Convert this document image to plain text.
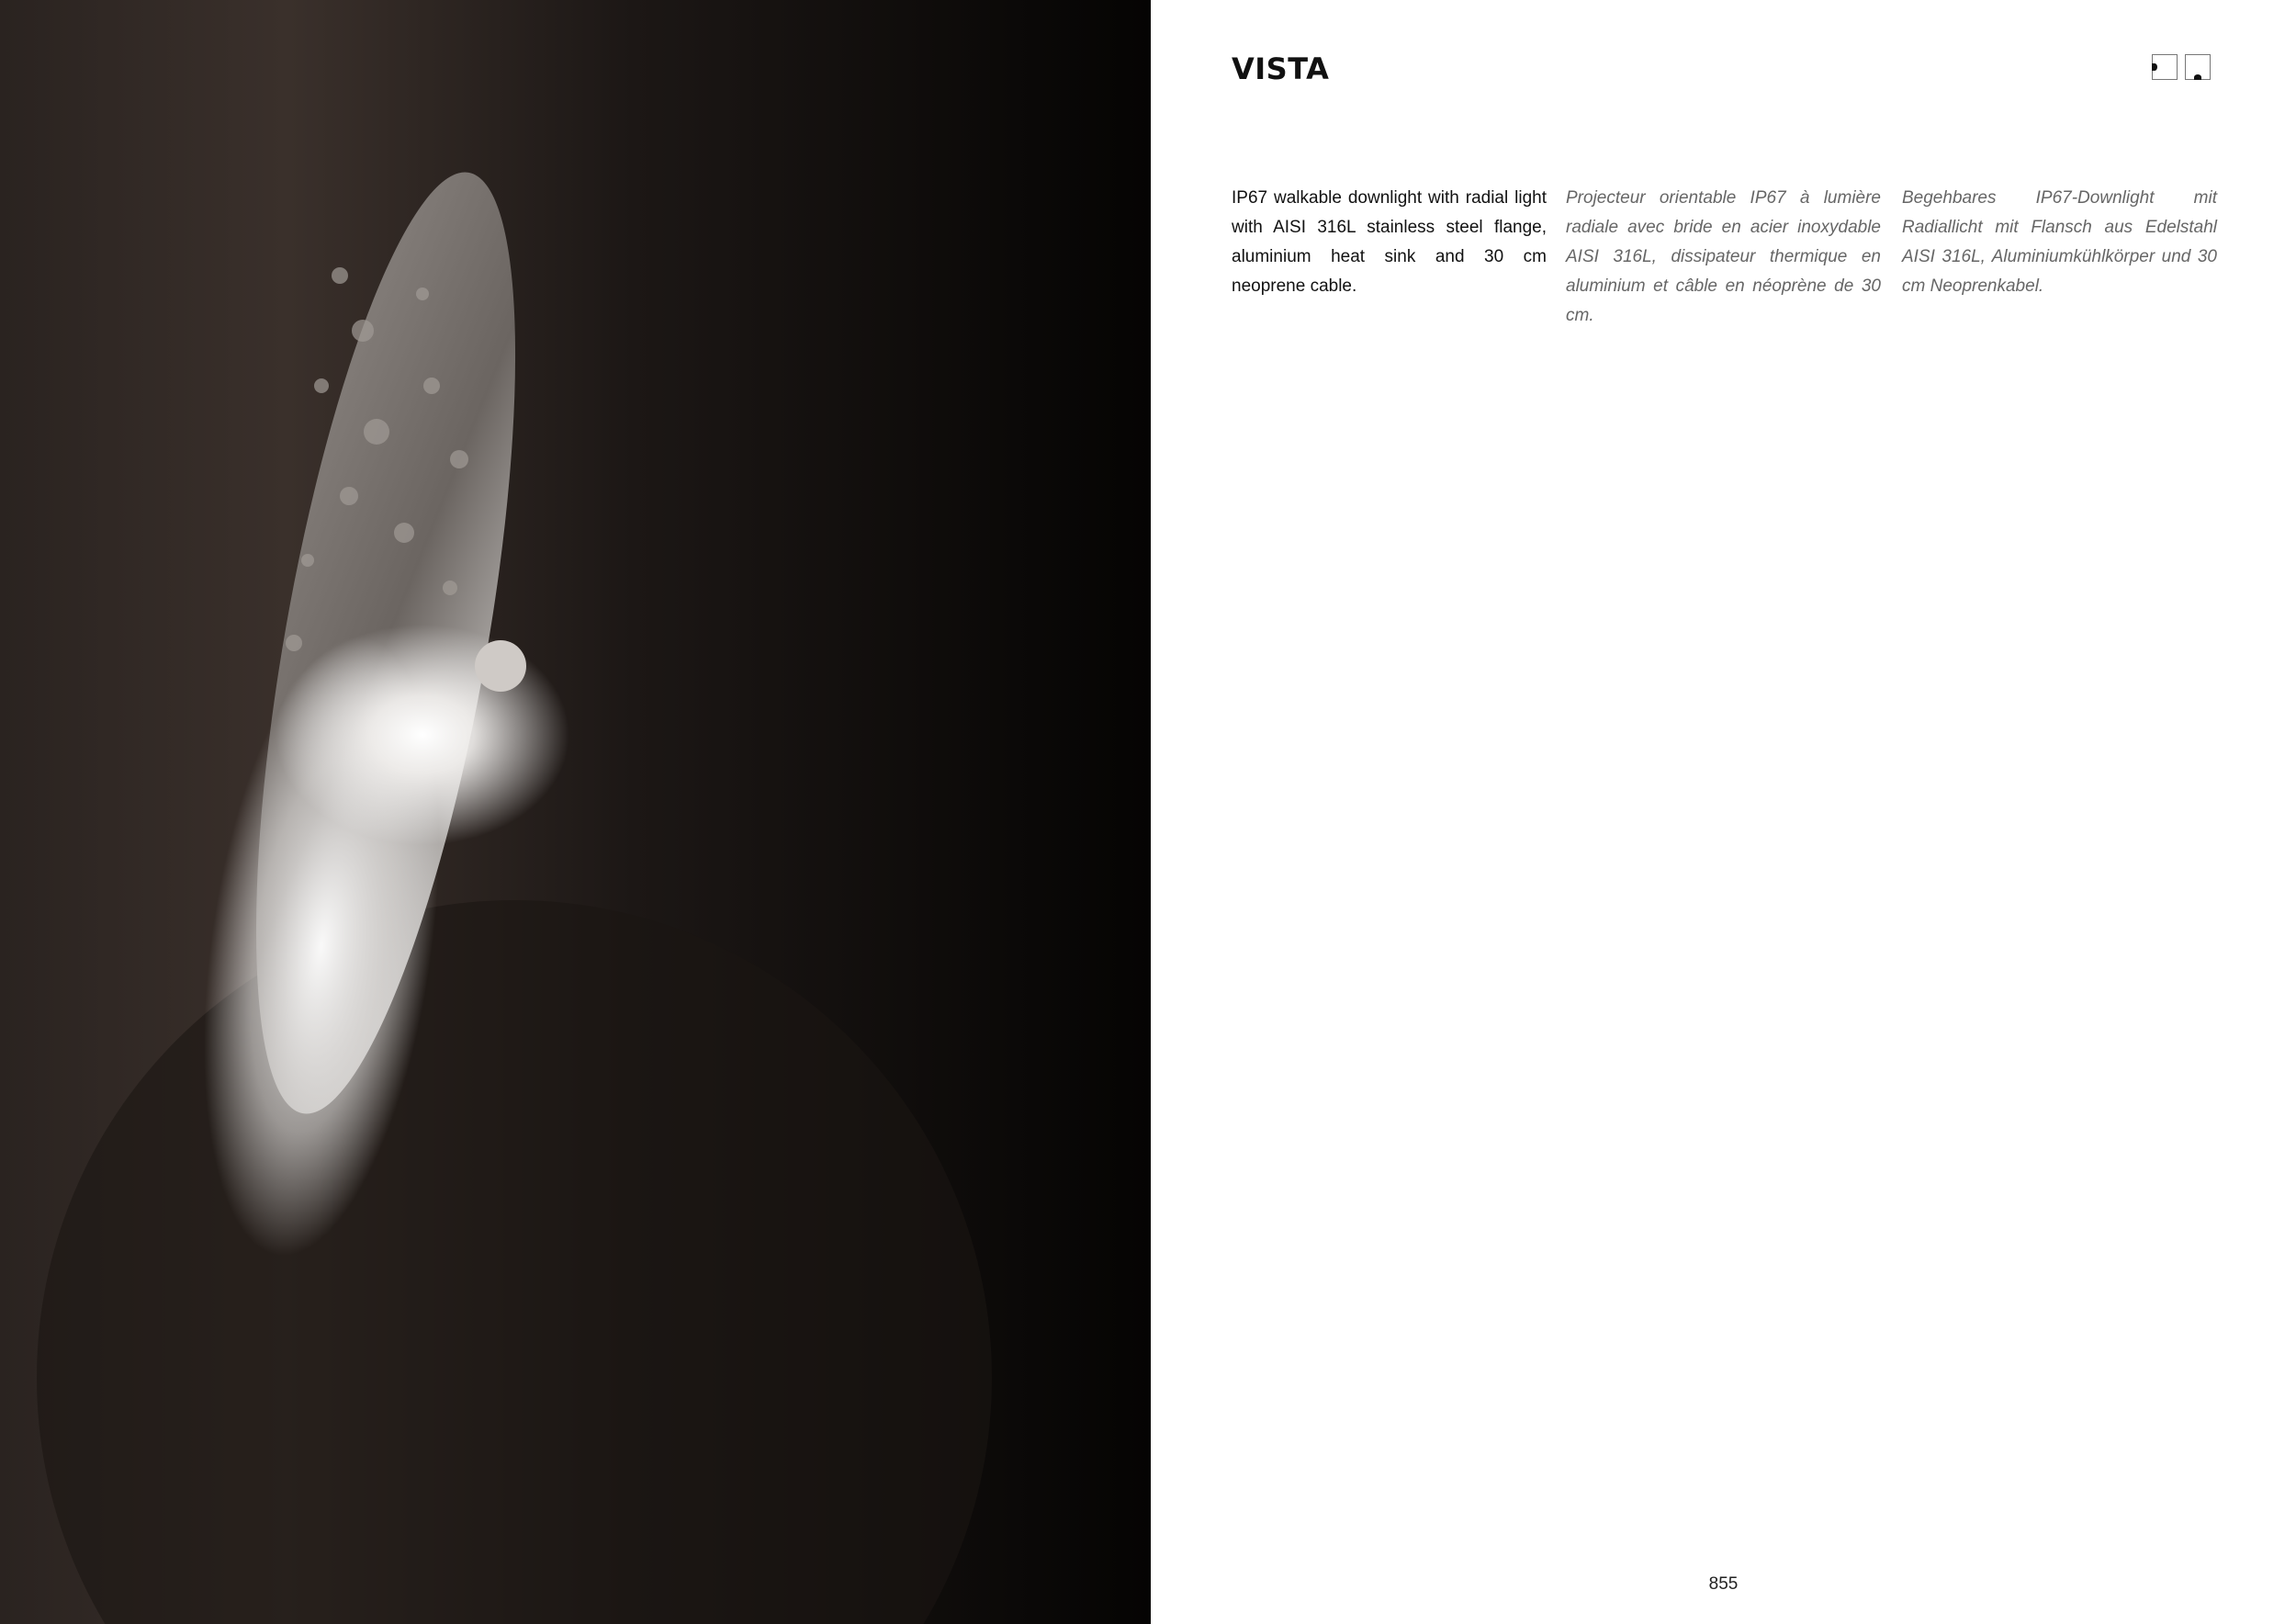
VISTA

IP67 walkable downlight with radial light with AISI 316L stainless steel flange, aluminium heat sink and 30 cm neoprene cable.

Projecteur orientable IP67 à lumière radiale avec bride en acier inoxydable AISI 316L, dissipateur thermique en aluminium et câble en néoprène de 30 cm.

Begehbares IP67-Downlight mit Radiallicht mit Flansch aus Edelstahl AISI 316L, Aluminiumkühlkörper und 30 cm Neoprenkabel.

855
